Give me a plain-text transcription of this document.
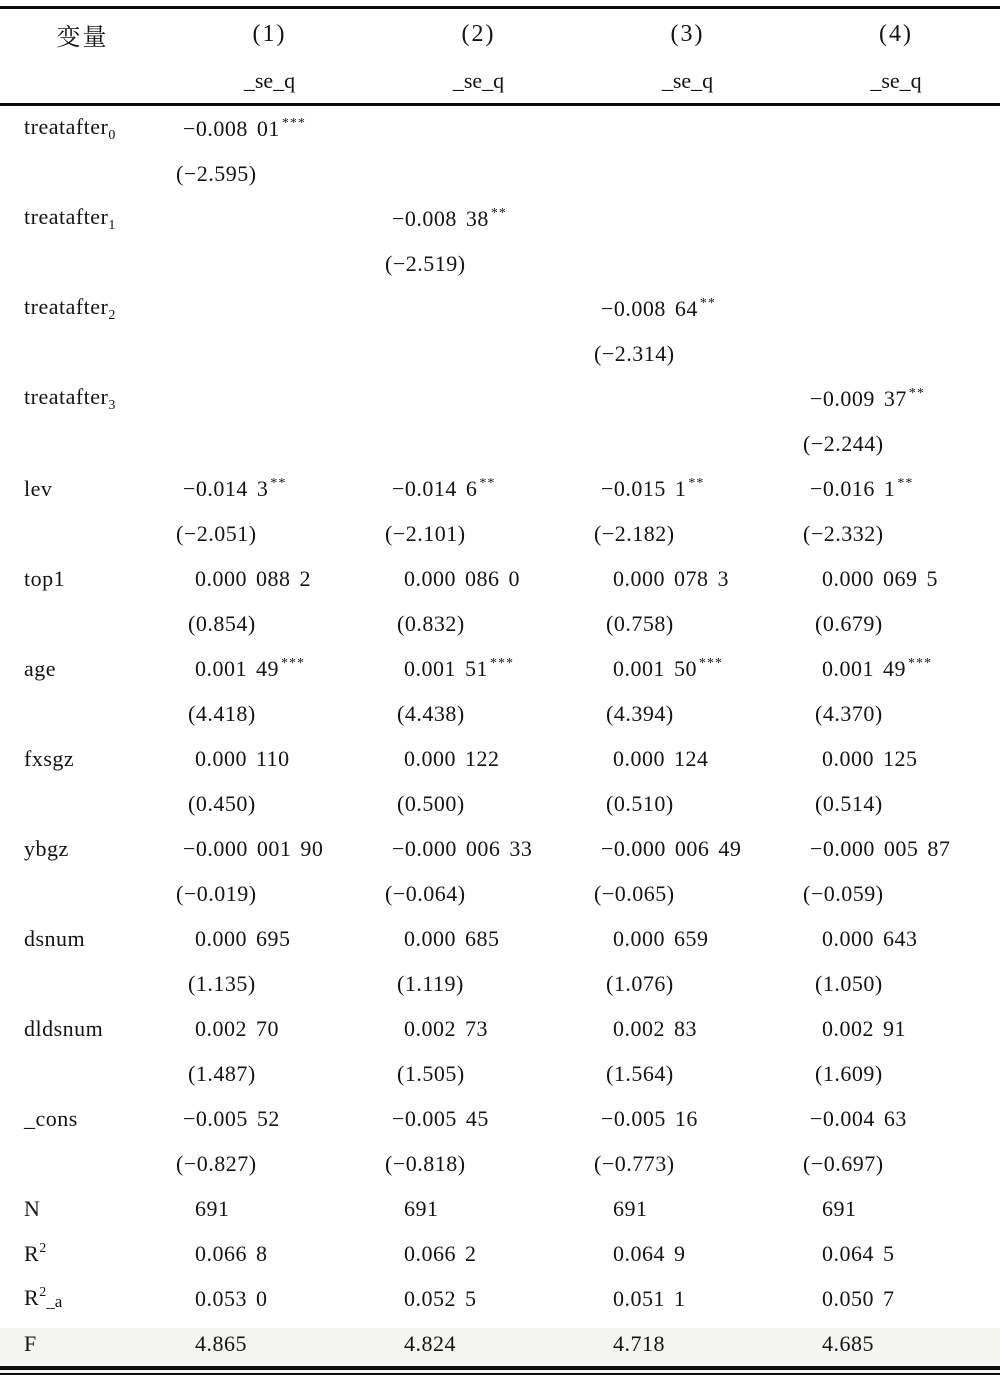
变量	(1)	(2)	(3)	(4)
	_se_q	_se_q	_se_q	_se_q
treatafter$_0$	−0.008 01 ***			
	(−2.595)			
treatafter$_1$		−0.008 38 **		
		(−2.519)		
treatafter$_2$			−0.008 64 **	
			(−2.314)	
treatafter$_3$				−0.009 37 **
				(−2.244)
lev	−0.014 3 **	−0.014 6 **	−0.015 1 **	−0.016 1 **
	(−2.051)	(−2.101)	(−2.182)	(−2.332)
top1	0.000 088 2	0.000 086 0	0.000 078 3	0.000 069 5
	(0.854)	(0.832)	(0.758)	(0.679)
age	0.001 49 ***	0.001 51 ***	0.001 50 ***	0.001 49 ***
	(4.418)	(4.438)	(4.394)	(4.370)
fxsgz	0.000 110	0.000 122	0.000 124	0.000 125
	(0.450)	(0.500)	(0.510)	(0.514)
ybgz	−0.000 001 90	−0.000 006 33	−0.000 006 49	−0.000 005 87
	(−0.019)	(−0.064)	(−0.065)	(−0.059)
dsnum	0.000 695	0.000 685	0.000 659	0.000 643
	(1.135)	(1.119)	(1.076)	(1.050)
dldsnum	0.002 70	0.002 73	0.002 83	0.002 91
	(1.487)	(1.505)	(1.564)	(1.609)
_cons	−0.005 52	−0.005 45	−0.005 16	−0.004 63
	(−0.827)	(−0.818)	(−0.773)	(−0.697)
N	691	691	691	691
$R^2$	0.066 8	0.066 2	0.064 9	0.064 5
$R^2\_a$	0.053 0	0.052 5	0.051 1	0.050 7
F	4.865	4.824	4.718	4.685
